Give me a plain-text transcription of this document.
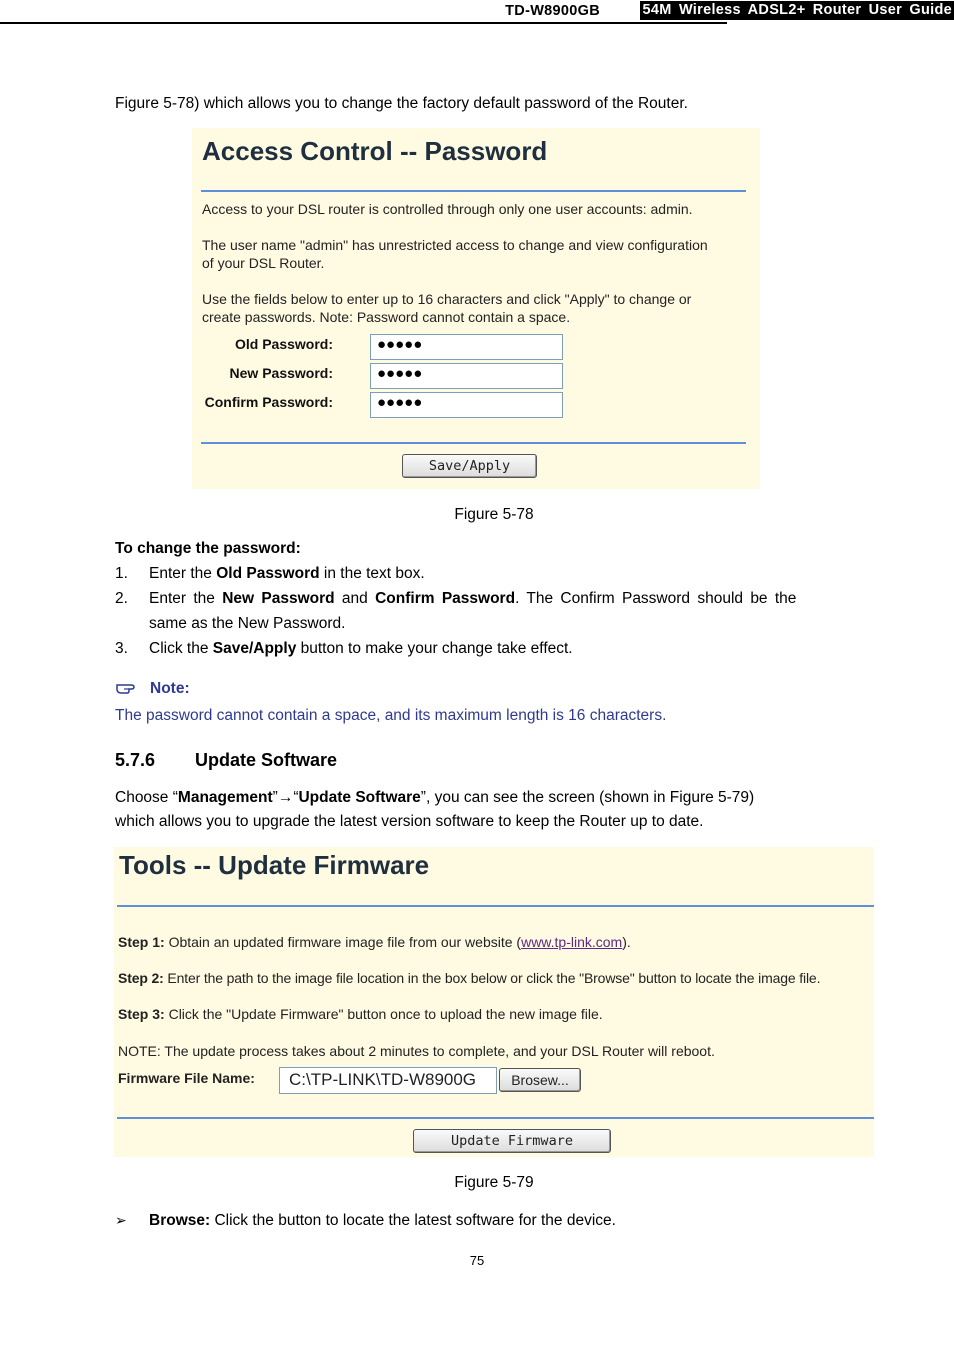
TD-W8900GB	54M Wireless ADSL2+ Router User Guide
Figure 5-78) which allows you to change the factory default password of the Router.
Access Control -- Password
Access to your DSL router is controlled through only one user accounts: admin.
The user name "admin" has unrestricted access to change and view configuration
of your DSL Router.
Use the fields below to enter up to 16 characters and click "Apply" to change or
create passwords. Note: Password cannot contain a space.
Old Password:	●●●●●
New Password:	●●●●●
Confirm Password:	●●●●●
Save/Apply
Figure 5-78
To change the password:
1. Enter the Old Password in the text box.
2. Enter the New Password and Confirm Password. The Confirm Password should be the
same as the New Password.
3. Click the Save/Apply button to make your change take effect.
Note:
The password cannot contain a space, and its maximum length is 16 characters.
5.7.6 Update Software
Choose “Management”→“Update Software”, you can see the screen (shown in Figure 5-79)
which allows you to upgrade the latest version software to keep the Router up to date.
Tools -- Update Firmware
Step 1: Obtain an updated firmware image file from our website (www.tp-link.com).
Step 2: Enter the path to the image file location in the box below or click the "Browse" button to locate the image file.
Step 3: Click the "Update Firmware" button once to upload the new image file.
NOTE: The update process takes about 2 minutes to complete, and your DSL Router will reboot.
Firmware File Name: C:\TP-LINK\TD-W8900G	Brosew...
Update Firmware
Figure 5-79
➢ Browse: Click the button to locate the latest software for the device.
75
